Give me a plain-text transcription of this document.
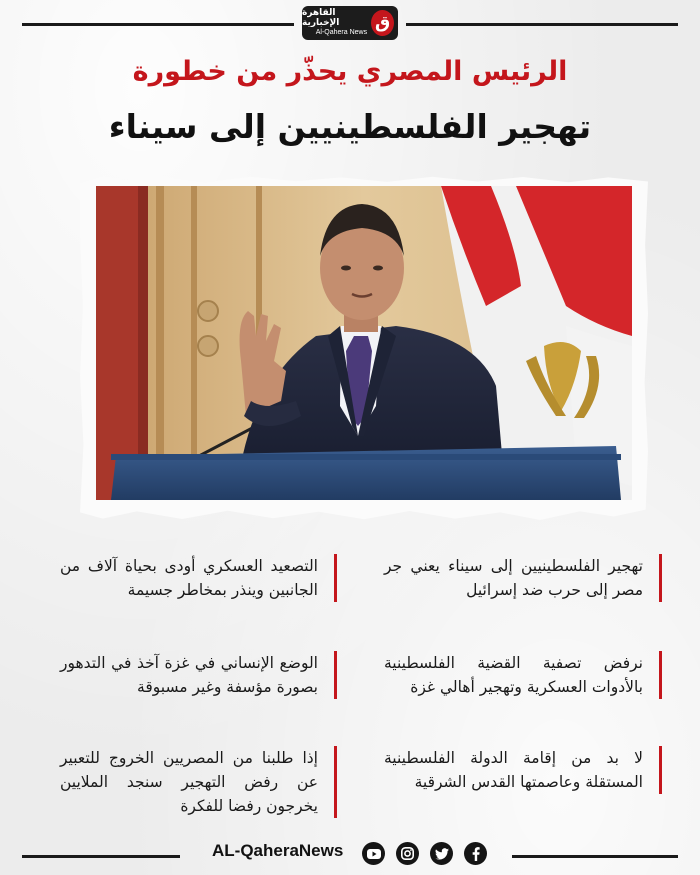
القاهرة الإخبارية
Al-Qahera News
ق
الرئيس المصري يحذّر من خطورة
تهجير الفلسطينيين إلى سيناء
تهجير الفلسطينيين إلى سيناء يعني جر مصر إلى حرب ضد إسرائيل
نرفض تصفية القضية الفلسطينية بالأدوات العسكرية وتهجير أهالي غزة
لا بد من إقامة الدولة الفلسطينية المستقلة وعاصمتها القدس الشرقية
التصعيد العسكري أودى بحياة آلاف من الجانبين وينذر بمخاطر جسيمة
الوضع الإنساني في غزة آخذ في التدهور بصورة مؤسفة وغير مسبوقة
إذا طلبنا من المصريين الخروج للتعبير عن رفض التهجير سنجد الملايين يخرجون رفضا للفكرة
AL-QaheraNews
